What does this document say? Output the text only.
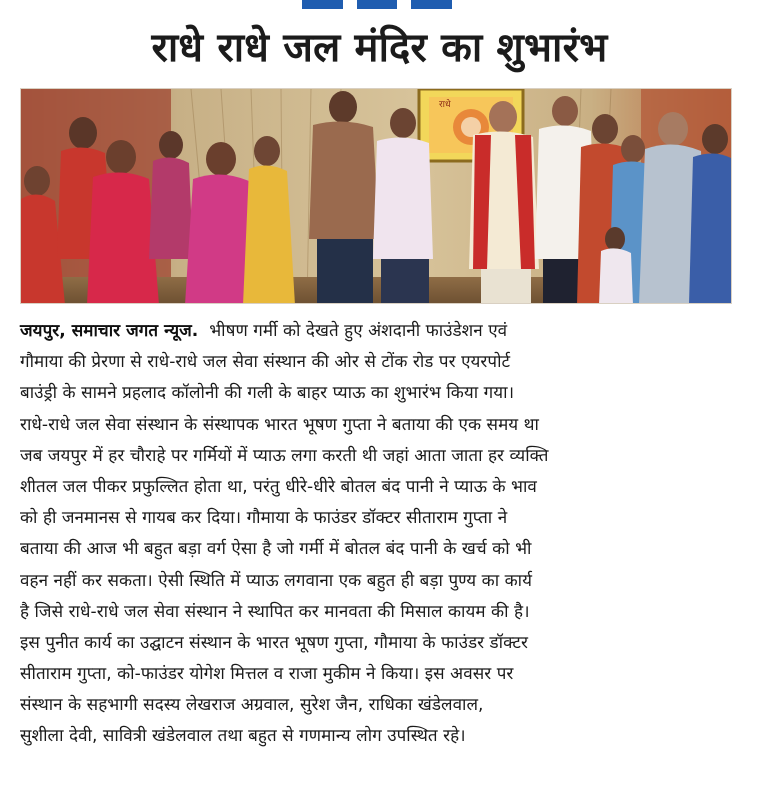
राधे राधे जल मंदिर का शुभारंभ
राधे
जयपुर, समाचार जगत न्यूज. भीषण गर्मी को देखते हुए अंशदानी फाउंडेशन एवं
गौमाया की प्रेरणा से राधे-राधे जल सेवा संस्थान की ओर से टोंक रोड पर एयरपोर्ट
बाउंड्री के सामने प्रहलाद कॉलोनी की गली के बाहर प्याऊ का शुभारंभ किया गया।
राधे-राधे जल सेवा संस्थान के संस्थापक भारत भूषण गुप्ता ने बताया की एक समय था
जब जयपुर में हर चौराहे पर गर्मियों में प्याऊ लगा करती थी जहां आता जाता हर व्यक्ति
शीतल जल पीकर प्रफुल्लित होता था, परंतु धीरे-धीरे बोतल बंद पानी ने प्याऊ के भाव
को ही जनमानस से गायब कर दिया। गौमाया के फाउंडर डॉक्टर सीताराम गुप्ता ने
बताया की आज भी बहुत बड़ा वर्ग ऐसा है जो गर्मी में बोतल बंद पानी के खर्च को भी
वहन नहीं कर सकता। ऐसी स्थिति में प्याऊ लगवाना एक बहुत ही बड़ा पुण्य का कार्य
है जिसे राधे-राधे जल सेवा संस्थान ने स्थापित कर मानवता की मिसाल कायम की है।
इस पुनीत कार्य का उद्घाटन संस्थान के भारत भूषण गुप्ता, गौमाया के फाउंडर डॉक्टर
सीताराम गुप्ता, को-फाउंडर योगेश मित्तल व राजा मुकीम ने किया। इस अवसर पर
संस्थान के सहभागी सदस्य लेखराज अग्रवाल, सुरेश जैन, राधिका खंडेलवाल,
सुशीला देवी, सावित्री खंडेलवाल तथा बहुत से गणमान्य लोग उपस्थित रहे।
